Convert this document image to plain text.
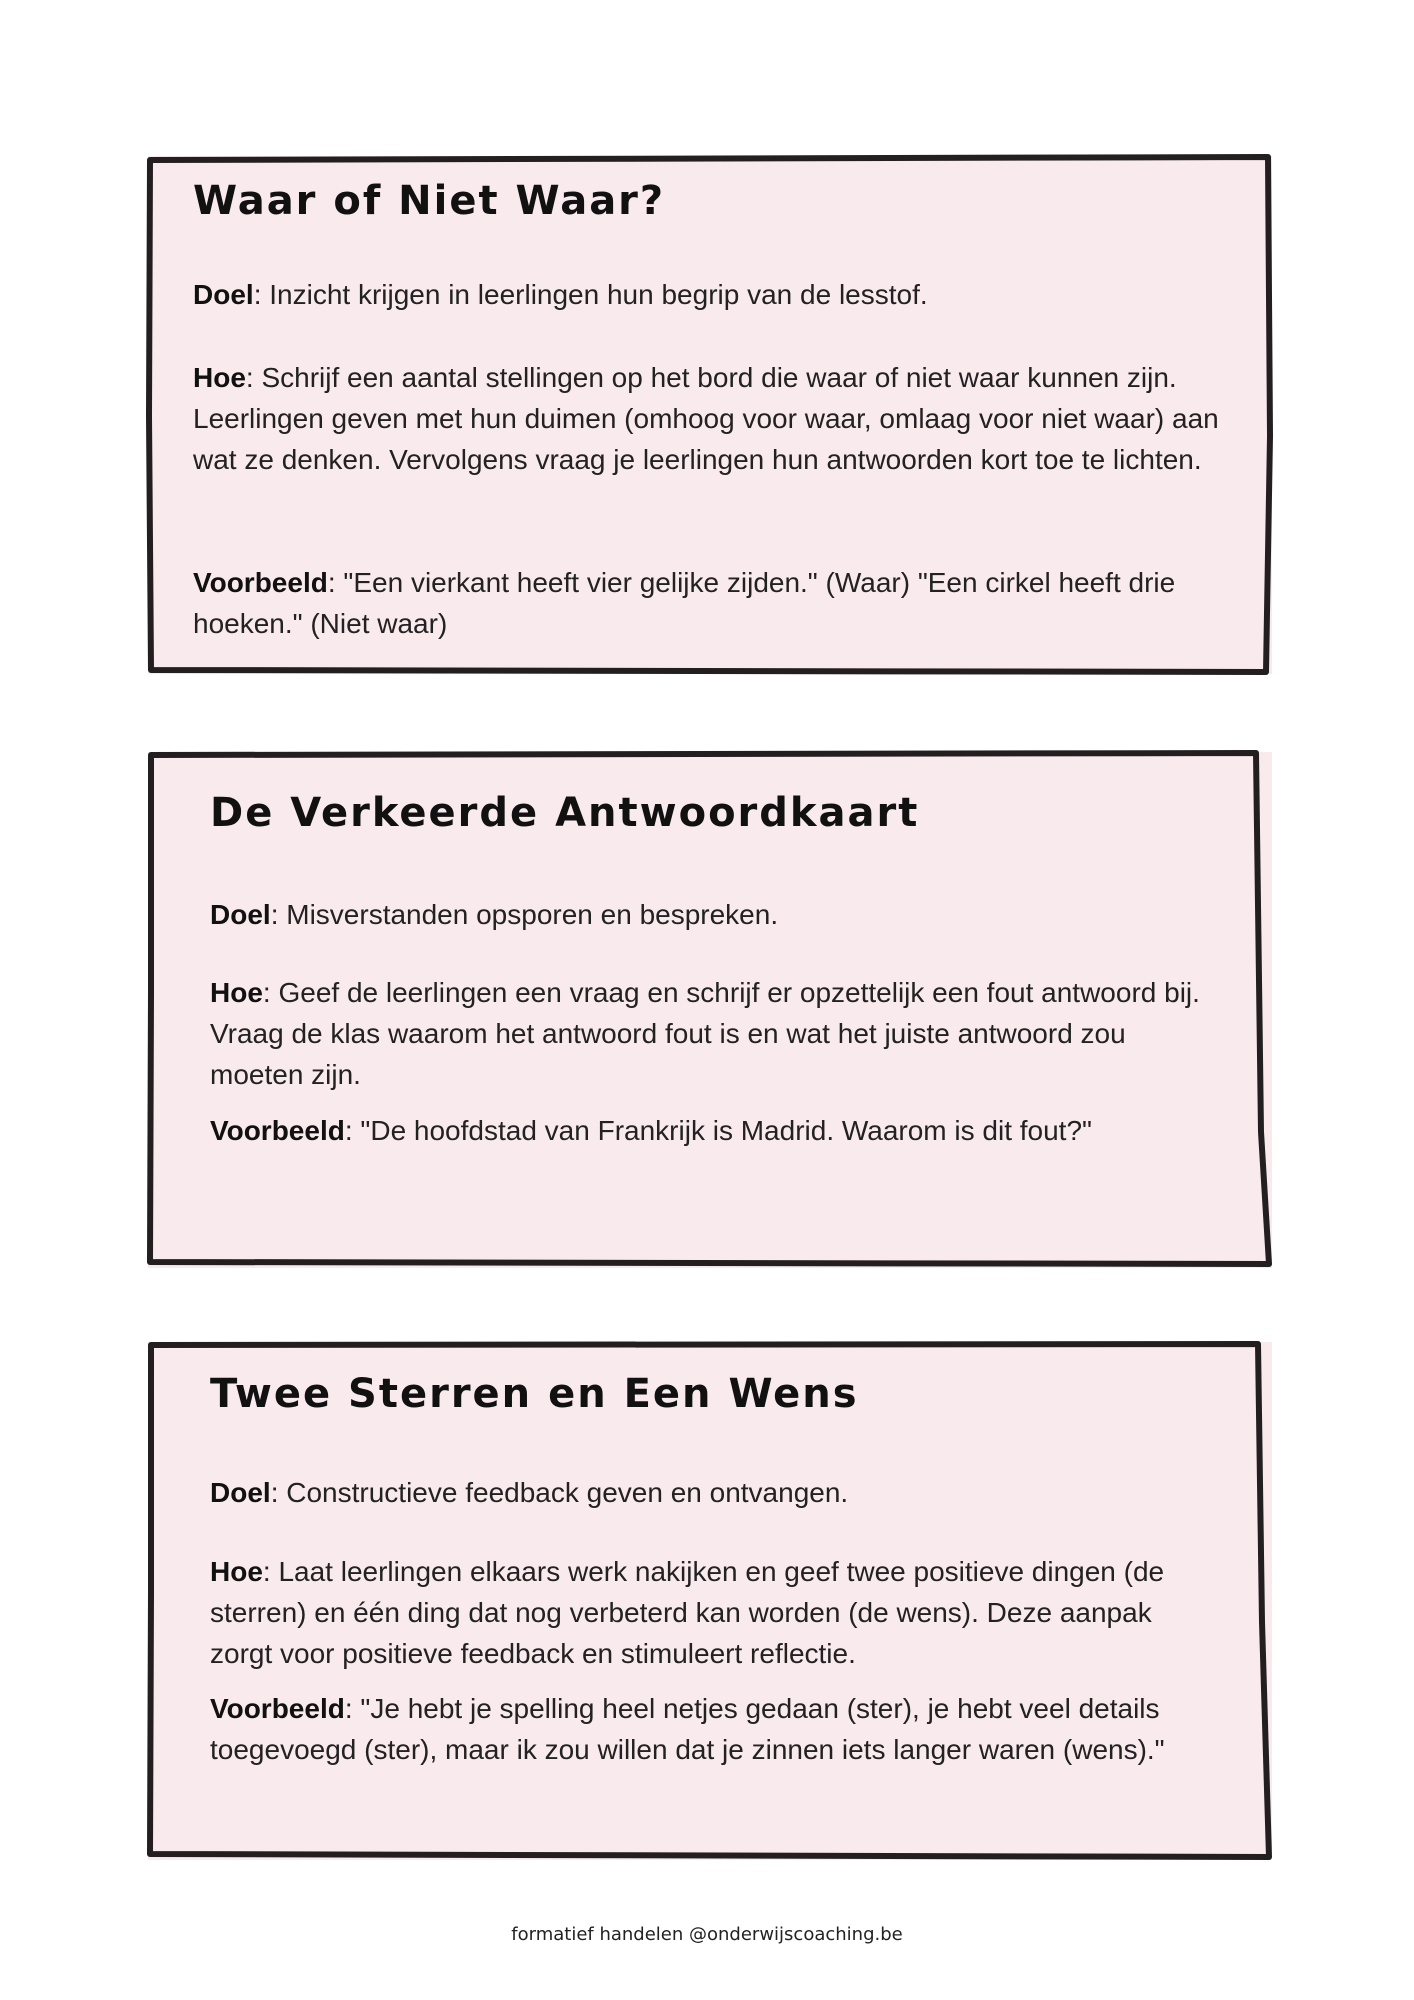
Waar of Niet Waar?

Doel: Inzicht krijgen in leerlingen hun begrip van de lesstof.

Hoe: Schrijf een aantal stellingen op het bord die waar of niet waar kunnen zijn. Leerlingen geven met hun duimen (omhoog voor waar, omlaag voor niet waar) aan wat ze denken. Vervolgens vraag je leerlingen hun antwoorden kort toe te lichten.

Voorbeeld: "Een vierkant heeft vier gelijke zijden." (Waar) "Een cirkel heeft drie hoeken." (Niet waar)

De Verkeerde Antwoordkaart

Doel: Misverstanden opsporen en bespreken.

Hoe: Geef de leerlingen een vraag en schrijf er opzettelijk een fout antwoord bij. Vraag de klas waarom het antwoord fout is en wat het juiste antwoord zou moeten zijn.

Voorbeeld: "De hoofdstad van Frankrijk is Madrid. Waarom is dit fout?"

Twee Sterren en Een Wens

Doel: Constructieve feedback geven en ontvangen.

Hoe: Laat leerlingen elkaars werk nakijken en geef twee positieve dingen (de sterren) en één ding dat nog verbeterd kan worden (de wens). Deze aanpak zorgt voor positieve feedback en stimuleert reflectie.

Voorbeeld: "Je hebt je spelling heel netjes gedaan (ster), je hebt veel details toegevoegd (ster), maar ik zou willen dat je zinnen iets langer waren (wens)."

formatief handelen @onderwijscoaching.be
